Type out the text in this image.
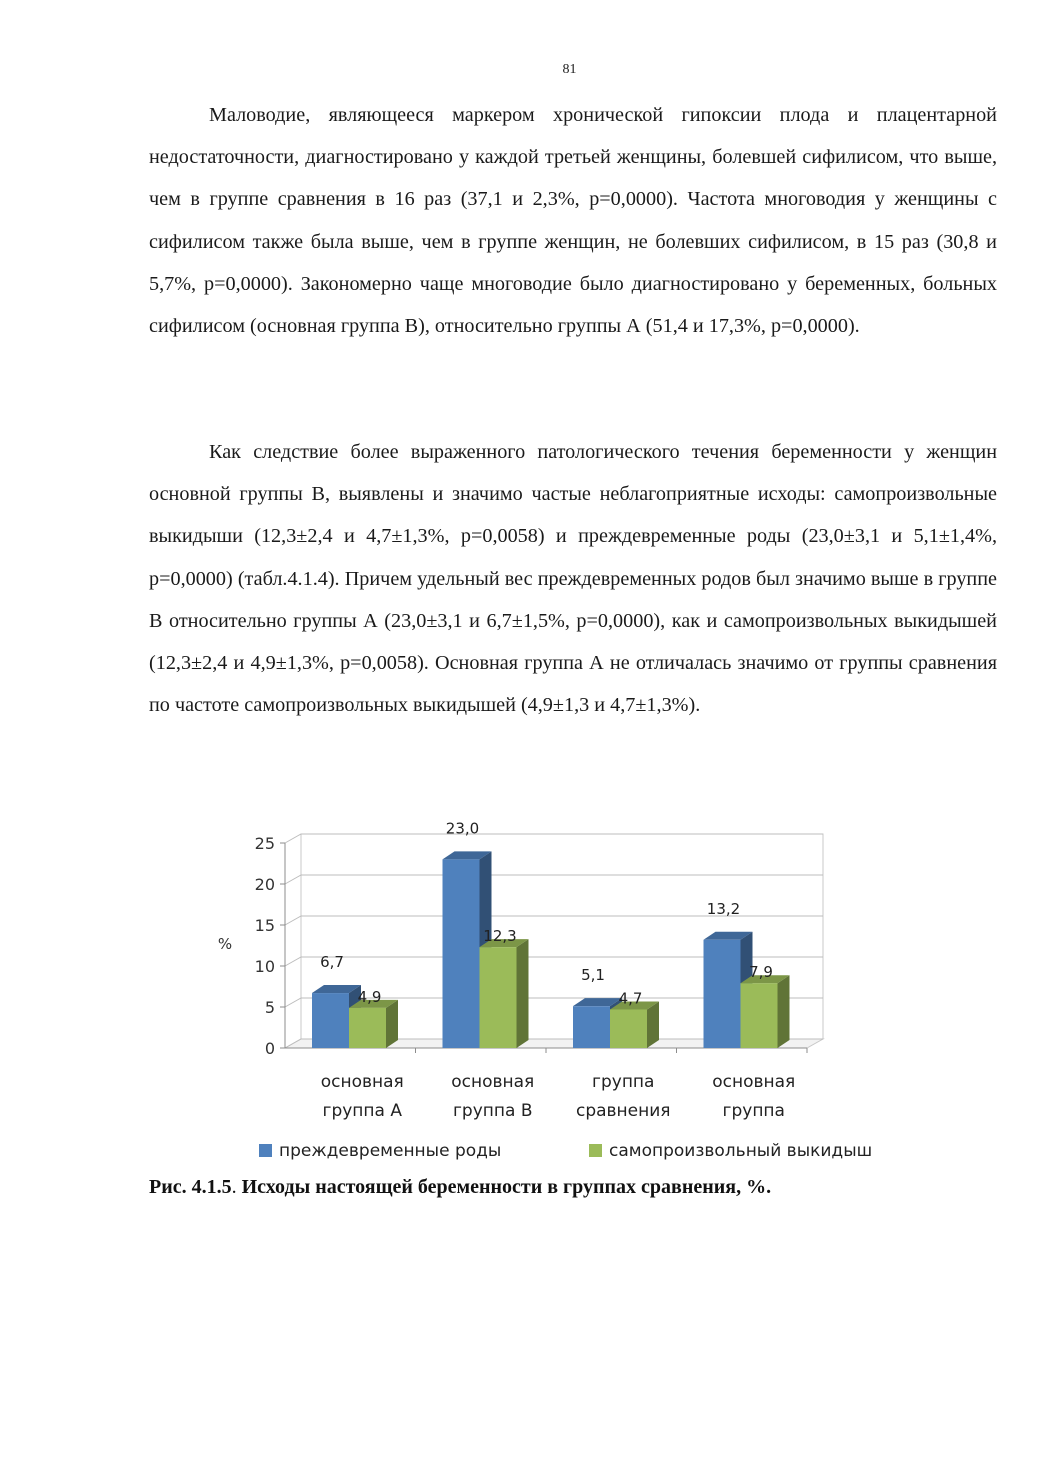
81

Маловодие, являющееся маркером хронической гипоксии плода и плацентарной недостаточности, диагностировано у каждой третьей женщины, болевшей сифилисом, что выше, чем в группе сравнения в 16 раз (37,1 и 2,3%, p=0,0000). Частота многоводия у женщины с сифилисом также была выше, чем в группе женщин, не болевших сифилисом, в 15 раз (30,8 и 5,7%, p=0,0000). Закономерно чаще многоводие было диагностировано у беременных, больных сифилисом (основная группа В), относительно группы А (51,4 и 17,3%, p=0,0000).

Как следствие более выраженного патологического течения беременности у женщин основной группы В, выявлены и значимо частые неблагоприятные исходы: самопроизвольные выкидыши (12,3±2,4 и 4,7±1,3%, p=0,0058) и преждевременные роды (23,0±3,1 и 5,1±1,4%, p=0,0000) (табл.4.1.4). Причем удельный вес преждевременных родов был значимо выше в группе В относительно группы А (23,0±3,1 и 6,7±1,5%, p=0,0000), как и самопроизвольных выкидышей (12,3±2,4 и 4,9±1,3%, p=0,0058). Основная группа А не отличалась значимо от группы сравнения по частоте самопроизвольных выкидышей (4,9±1,3 и 4,7±1,3%).

0
5
10
15
20
25
%
6,7
4,9
основная
группа А
23,0
12,3
основная
группа В
5,1
4,7
группа
сравнения
13,2
7,9
основная
группа
преждевременные роды	самопроизвольный выкидыш
Рис. 4.1.5. Исходы настоящей беременности в группах сравнения, %.
